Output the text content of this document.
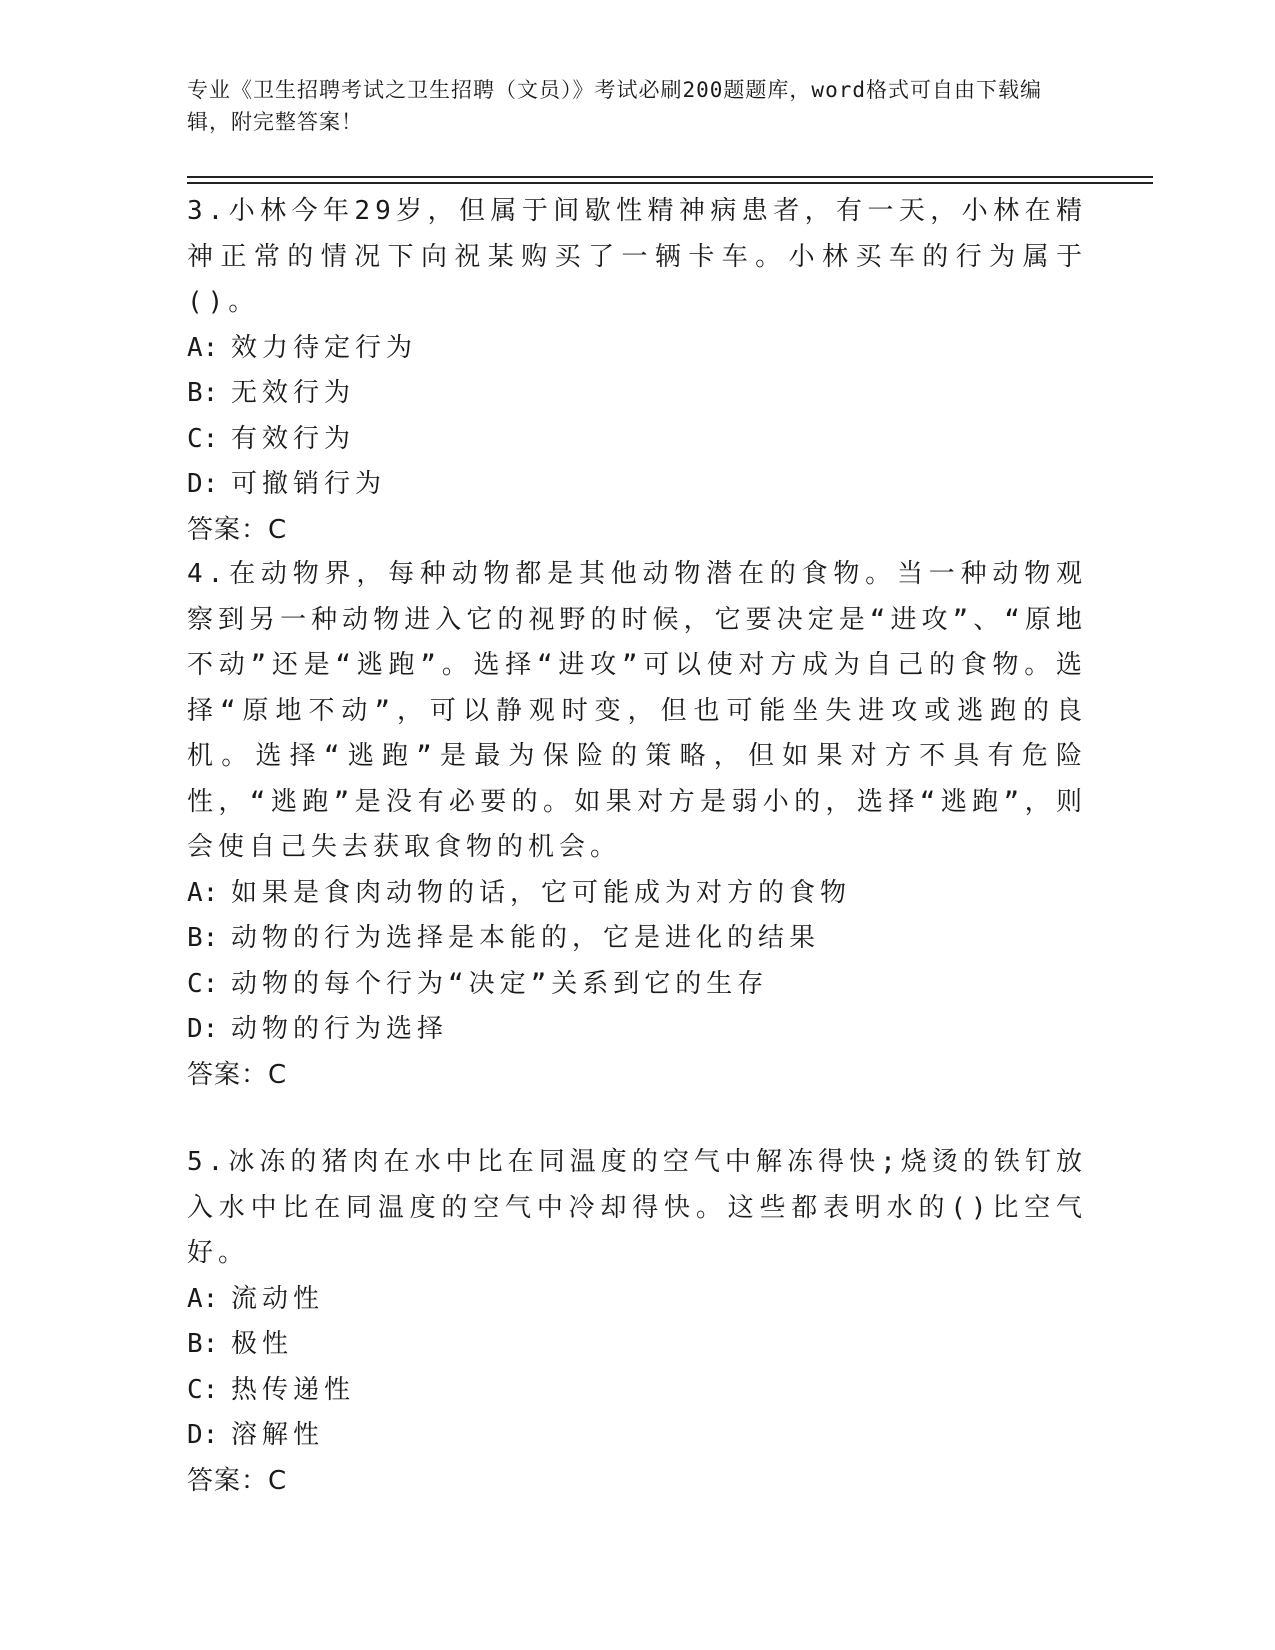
专业《卫生招聘考试之卫生招聘（文员）》考试必刷200题题库，word格式可自由下载编辑，附完整答案！

3.小林今年29岁，但属于间歇性精神病患者，有一天，小林在精神正常的情况下向祝某购买了一辆卡车。小林买车的行为属于()。

A: 效力待定行为

B: 无效行为

C: 有效行为

D: 可撤销行为

答案：C

4.在动物界，每种动物都是其他动物潜在的食物。当一种动物观察到另一种动物进入它的视野的时候，它要决定是“进攻”、“原地不动”还是“逃跑”。选择“进攻”可以使对方成为自己的食物。选择“原地不动”，可以静观时变，但也可能坐失进攻或逃跑的良机。选择“逃跑”是最为保险的策略，但如果对方不具有危险性，“逃跑”是没有必要的。如果对方是弱小的，选择“逃跑”，则会使自己失去获取食物的机会。

A: 如果是食肉动物的话，它可能成为对方的食物

B: 动物的行为选择是本能的，它是进化的结果

C: 动物的每个行为“决定”关系到它的生存

D: 动物的行为选择

答案：C

5.冰冻的猪肉在水中比在同温度的空气中解冻得快;烧烫的铁钉放入水中比在同温度的空气中冷却得快。这些都表明水的()比空气好。

A: 流动性

B: 极性

C: 热传递性

D: 溶解性

答案：C
